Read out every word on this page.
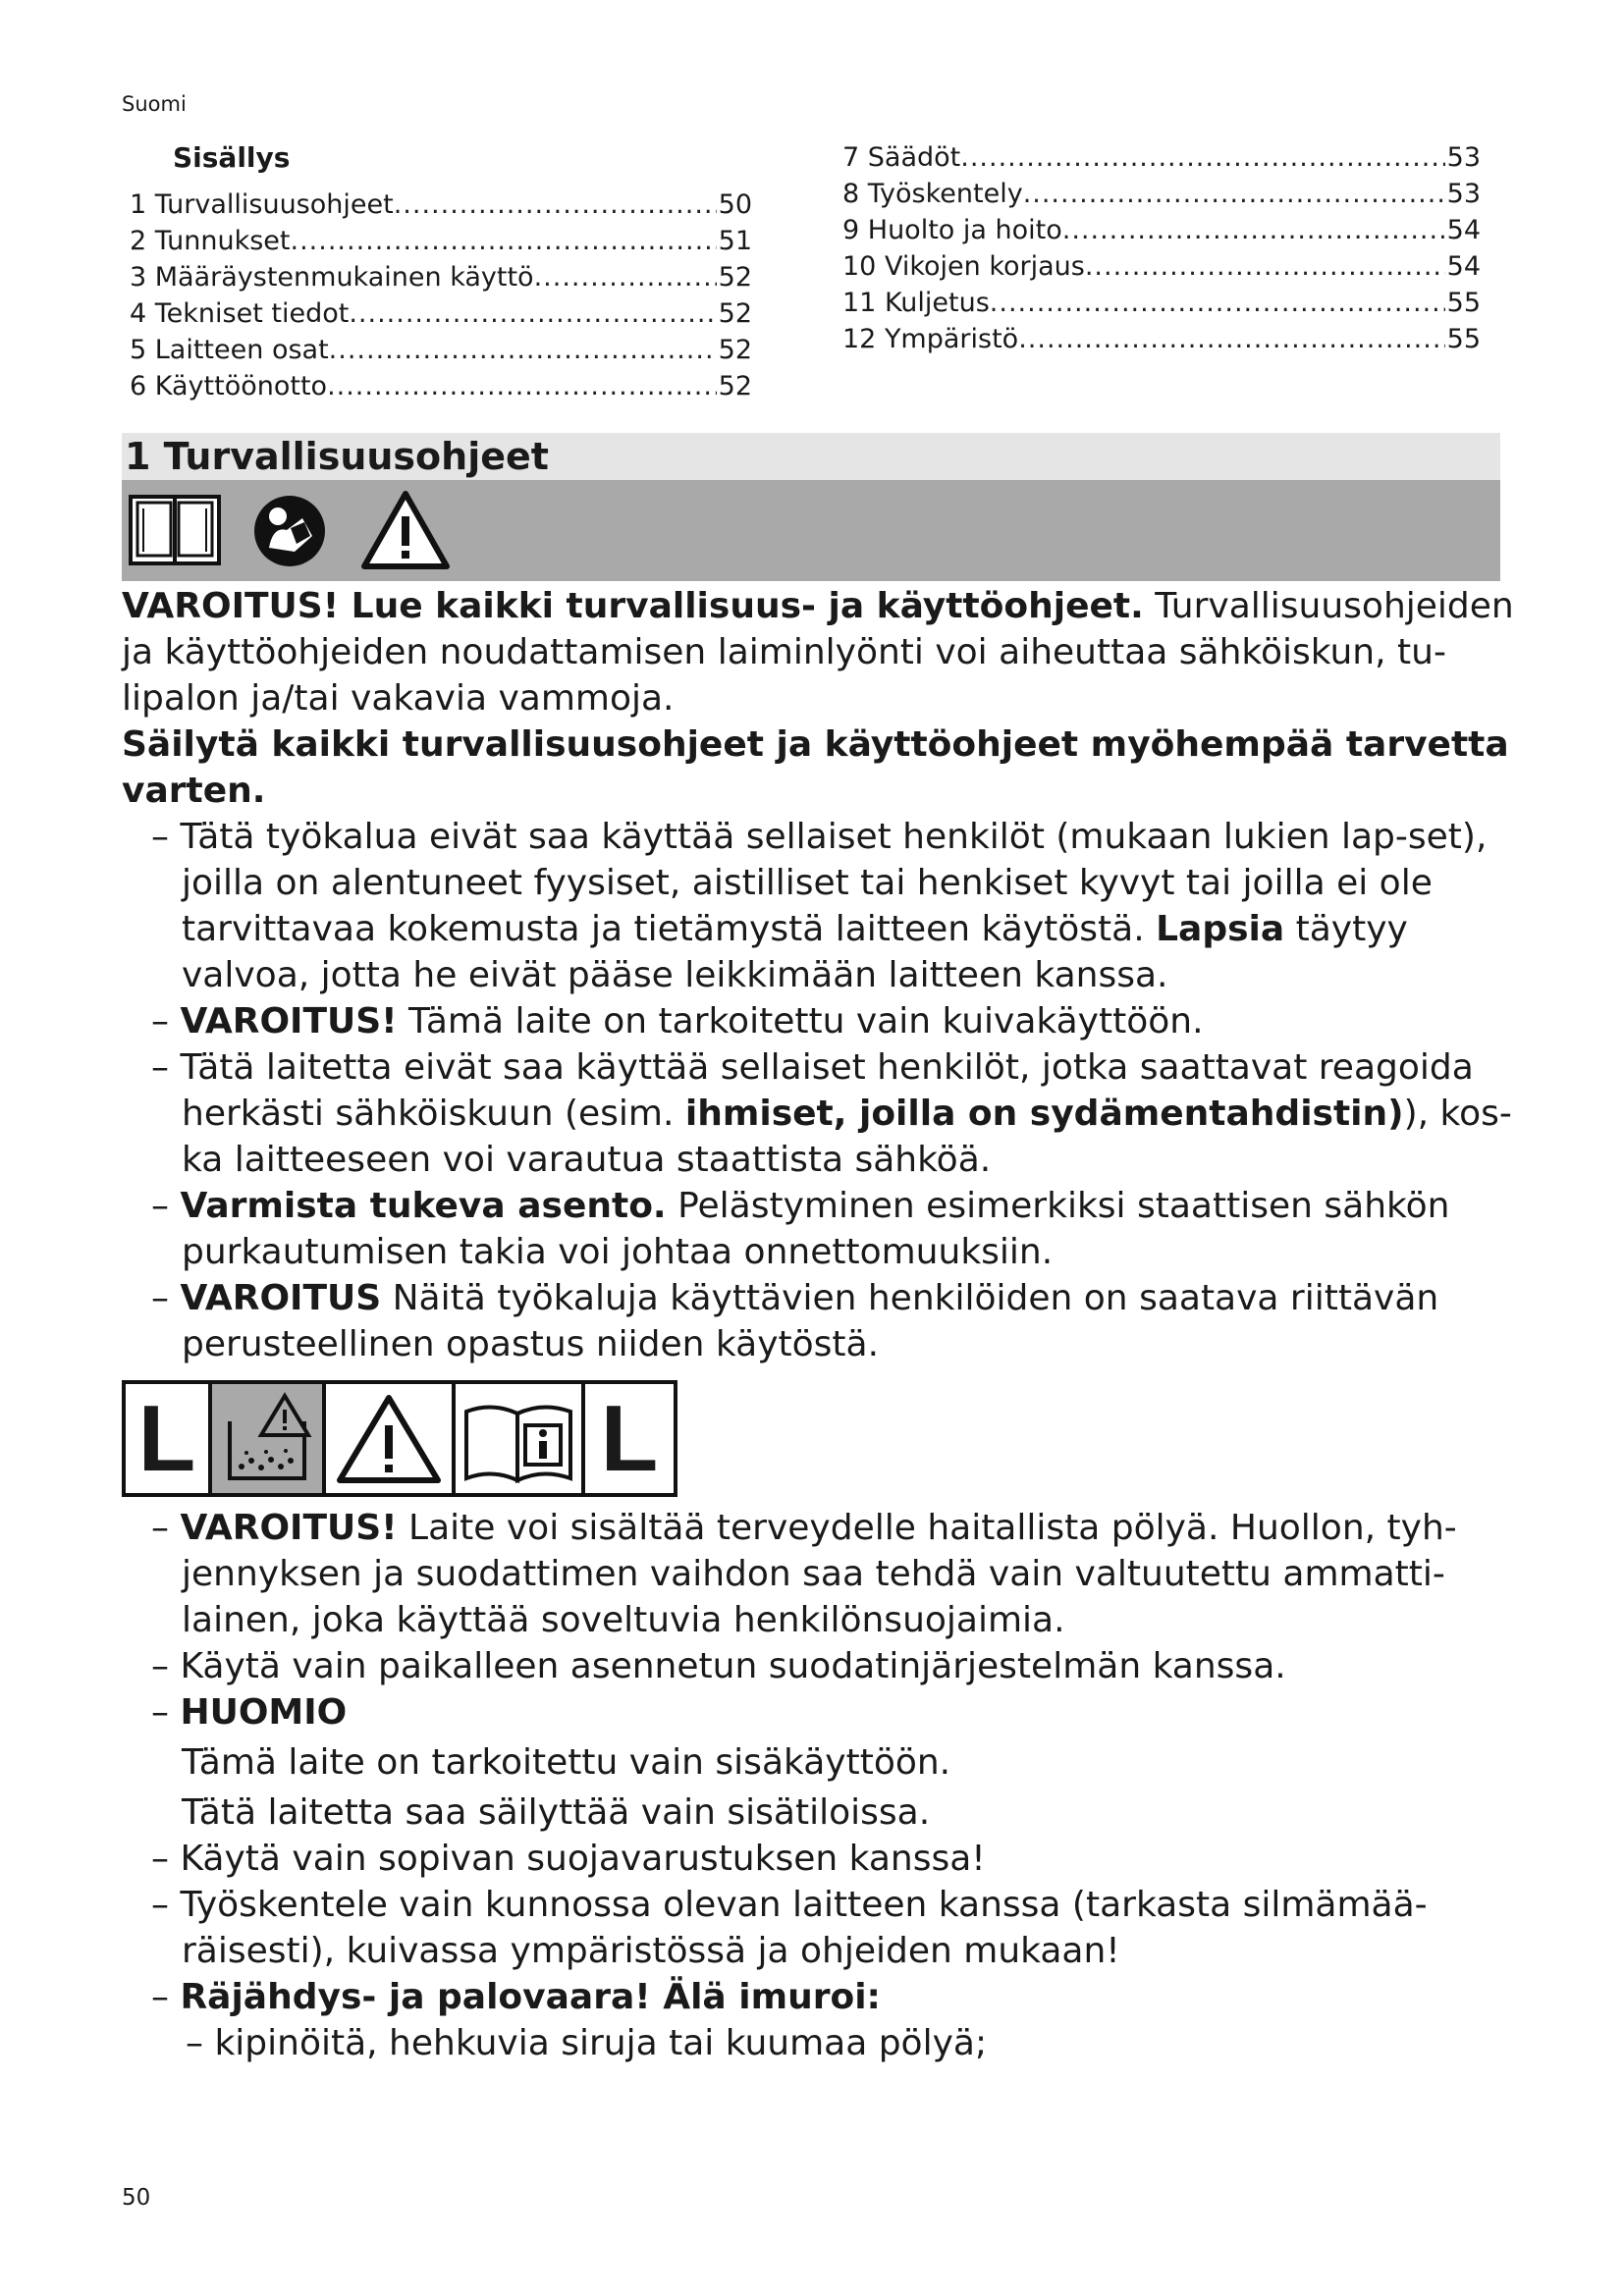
Suomi
Sisällys
1 Turvallisuusohjeet .....	50
2 Tunnukset .....	51
3 Määräystenmukainen käyttö .....	52
4 Tekniset tiedot .....	52
5 Laitteen osat .....	52
6 Käyttöönotto .....	52
7 Säädöt .....	53
8 Työskentely .....	53
9 Huolto ja hoito .....	54
10 Vikojen korjaus .....	54
11 Kuljetus .....	55
12 Ympäristö .....	55
1 Turvallisuusohjeet

VAROITUS! Lue kaikki turvallisuus- ja käyttöohjeet. Turvallisuusohjeiden ja käyttöohjeiden noudattamisen laiminlyönti voi aiheuttaa sähköiskun, tu-lipalon ja/tai vakavia vammoja.

Säilytä kaikki turvallisuusohjeet ja käyttöohjeet myöhempää tarvetta varten.

– Tätä työkalua eivät saa käyttää sellaiset henkilöt (mukaan lukien lap-set), joilla on alentuneet fyysiset, aistilliset tai henkiset kyvyt tai joilla ei ole tarvittavaa kokemusta ja tietämystä laitteen käytöstä. Lapsia täytyy valvoa, jotta he eivät pääse leikkimään laitteen kanssa.

– VAROITUS! Tämä laite on tarkoitettu vain kuivakäyttöön.

– Tätä laitetta eivät saa käyttää sellaiset henkilöt, jotka saattavat reagoida herkästi sähköiskuun (esim. ihmiset, joilla on sydämentahdistin)), kos-ka laitteeseen voi varautua staattista sähköä.

– Varmista tukeva asento. Pelästyminen esimerkiksi staattisen sähkön purkautumisen takia voi johtaa onnettomuuksiin.

– VAROITUS Näitä työkaluja käyttävien henkilöiden on saatava riittävän perusteellinen opastus niiden käytöstä.

L	L

– VAROITUS! Laite voi sisältää terveydelle haitallista pölyä. Huollon, tyh-jennyksen ja suodattimen vaihdon saa tehdä vain valtuutettu ammatti-lainen, joka käyttää soveltuvia henkilönsuojaimia.

– Käytä vain paikalleen asennetun suodatinjärjestelmän kanssa.

– HUOMIO

Tämä laite on tarkoitettu vain sisäkäyttöön.

Tätä laitetta saa säilyttää vain sisätiloissa.

– Käytä vain sopivan suojavarustuksen kanssa!

– Työskentele vain kunnossa olevan laitteen kanssa (tarkasta silmämää-räisesti), kuivassa ympäristössä ja ohjeiden mukaan!

– Räjähdys- ja palovaara! Älä imuroi:

– kipinöitä, hehkuvia siruja tai kuumaa pölyä;

50
